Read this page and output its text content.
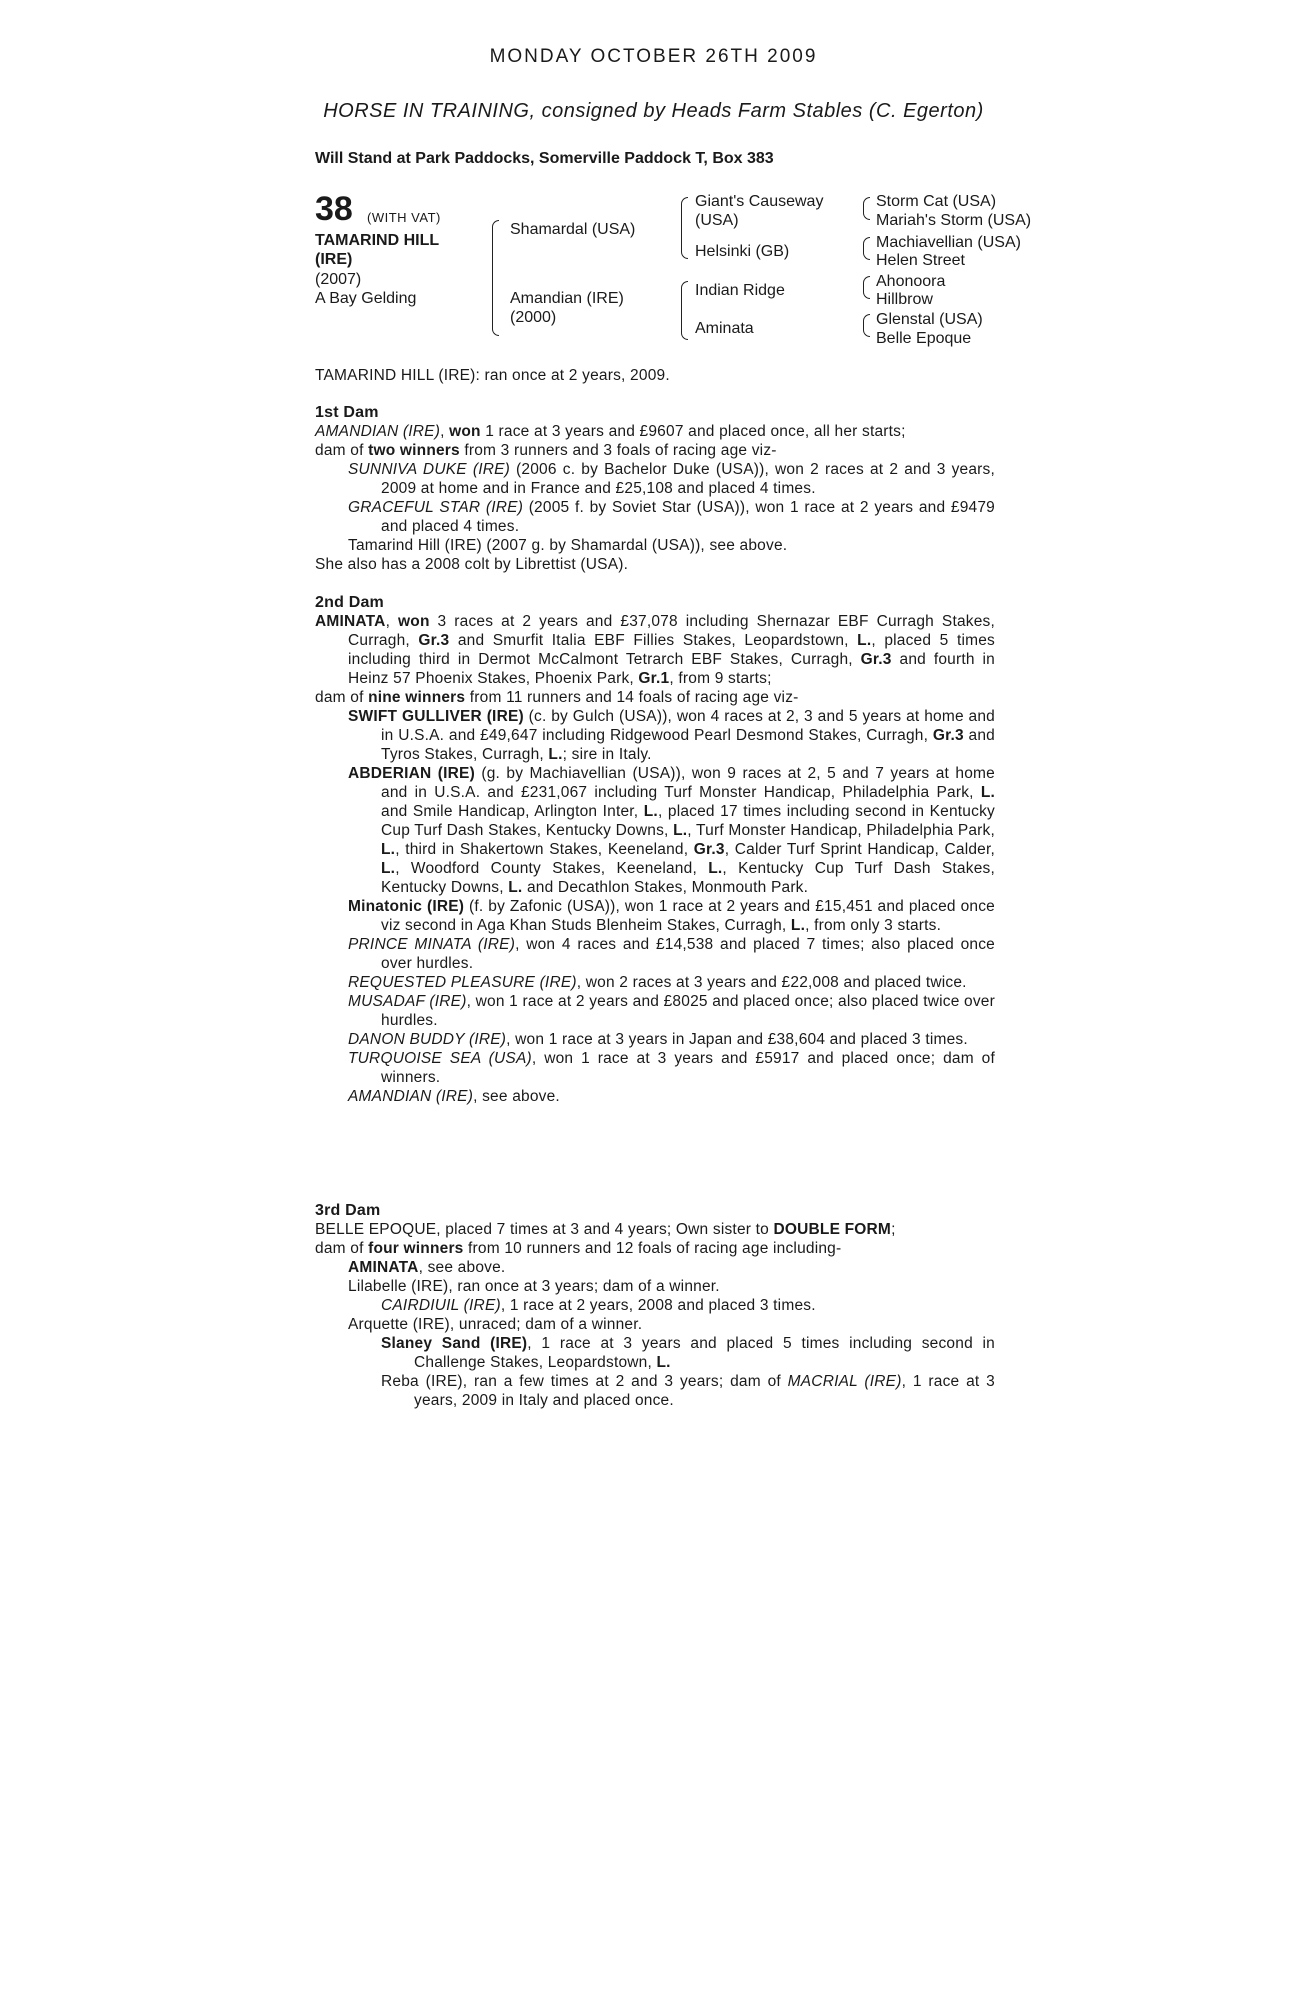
MONDAY OCTOBER 26TH 2009
HORSE IN TRAINING, consigned by Heads Farm Stables (C. Egerton)
Will Stand at Park Paddocks, Somerville Paddock T, Box 383
38 (WITH VAT)
TAMARIND HILL
(IRE)
(2007)
A Bay Gelding
Shamardal (USA)
Amandian (IRE)
(2000)
Giant's Causeway
(USA)
Helsinki (GB)
Indian Ridge
Aminata
Storm Cat (USA)
Mariah's Storm (USA)
Machiavellian (USA)
Helen Street
Ahonoora
Hillbrow
Glenstal (USA)
Belle Epoque
TAMARIND HILL (IRE): ran once at 2 years, 2009.

1st Dam

AMANDIAN (IRE), won 1 race at 3 years and £9607 and placed once, all her starts;

dam of two winners from 3 runners and 3 foals of racing age viz-

SUNNIVA DUKE (IRE) (2006 c. by Bachelor Duke (USA)), won 2 races at 2 and 3 years, 2009 at home and in France and £25,108 and placed 4 times.

GRACEFUL STAR (IRE) (2005 f. by Soviet Star (USA)), won 1 race at 2 years and £9479 and placed 4 times.

Tamarind Hill (IRE) (2007 g. by Shamardal (USA)), see above.

She also has a 2008 colt by Librettist (USA).

2nd Dam

AMINATA, won 3 races at 2 years and £37,078 including Shernazar EBF Curragh Stakes, Curragh, Gr.3 and Smurfit Italia EBF Fillies Stakes, Leopardstown, L., placed 5 times including third in Dermot McCalmont Tetrarch EBF Stakes, Curragh, Gr.3 and fourth in Heinz 57 Phoenix Stakes, Phoenix Park, Gr.1, from 9 starts;

dam of nine winners from 11 runners and 14 foals of racing age viz-

SWIFT GULLIVER (IRE) (c. by Gulch (USA)), won 4 races at 2, 3 and 5 years at home and in U.S.A. and £49,647 including Ridgewood Pearl Desmond Stakes, Curragh, Gr.3 and Tyros Stakes, Curragh, L.; sire in Italy.

ABDERIAN (IRE) (g. by Machiavellian (USA)), won 9 races at 2, 5 and 7 years at home and in U.S.A. and £231,067 including Turf Monster Handicap, Philadelphia Park, L. and Smile Handicap, Arlington Inter, L., placed 17 times including second in Kentucky Cup Turf Dash Stakes, Kentucky Downs, L., Turf Monster Handicap, Philadelphia Park, L., third in Shakertown Stakes, Keeneland, Gr.3, Calder Turf Sprint Handicap, Calder, L., Woodford County Stakes, Keeneland, L., Kentucky Cup Turf Dash Stakes, Kentucky Downs, L. and Decathlon Stakes, Monmouth Park.

Minatonic (IRE) (f. by Zafonic (USA)), won 1 race at 2 years and £15,451 and placed once viz second in Aga Khan Studs Blenheim Stakes, Curragh, L., from only 3 starts.

PRINCE MINATA (IRE), won 4 races and £14,538 and placed 7 times; also placed once over hurdles.

REQUESTED PLEASURE (IRE), won 2 races at 3 years and £22,008 and placed twice.

MUSADAF (IRE), won 1 race at 2 years and £8025 and placed once; also placed twice over hurdles.

DANON BUDDY (IRE), won 1 race at 3 years in Japan and £38,604 and placed 3 times.

TURQUOISE SEA (USA), won 1 race at 3 years and £5917 and placed once; dam of winners.

AMANDIAN (IRE), see above.

3rd Dam

BELLE EPOQUE, placed 7 times at 3 and 4 years; Own sister to DOUBLE FORM;

dam of four winners from 10 runners and 12 foals of racing age including-

AMINATA, see above.

Lilabelle (IRE), ran once at 3 years; dam of a winner.

CAIRDIUIL (IRE), 1 race at 2 years, 2008 and placed 3 times.

Arquette (IRE), unraced; dam of a winner.

Slaney Sand (IRE), 1 race at 3 years and placed 5 times including second in Challenge Stakes, Leopardstown, L.

Reba (IRE), ran a few times at 2 and 3 years; dam of MACRIAL (IRE), 1 race at 3 years, 2009 in Italy and placed once.
